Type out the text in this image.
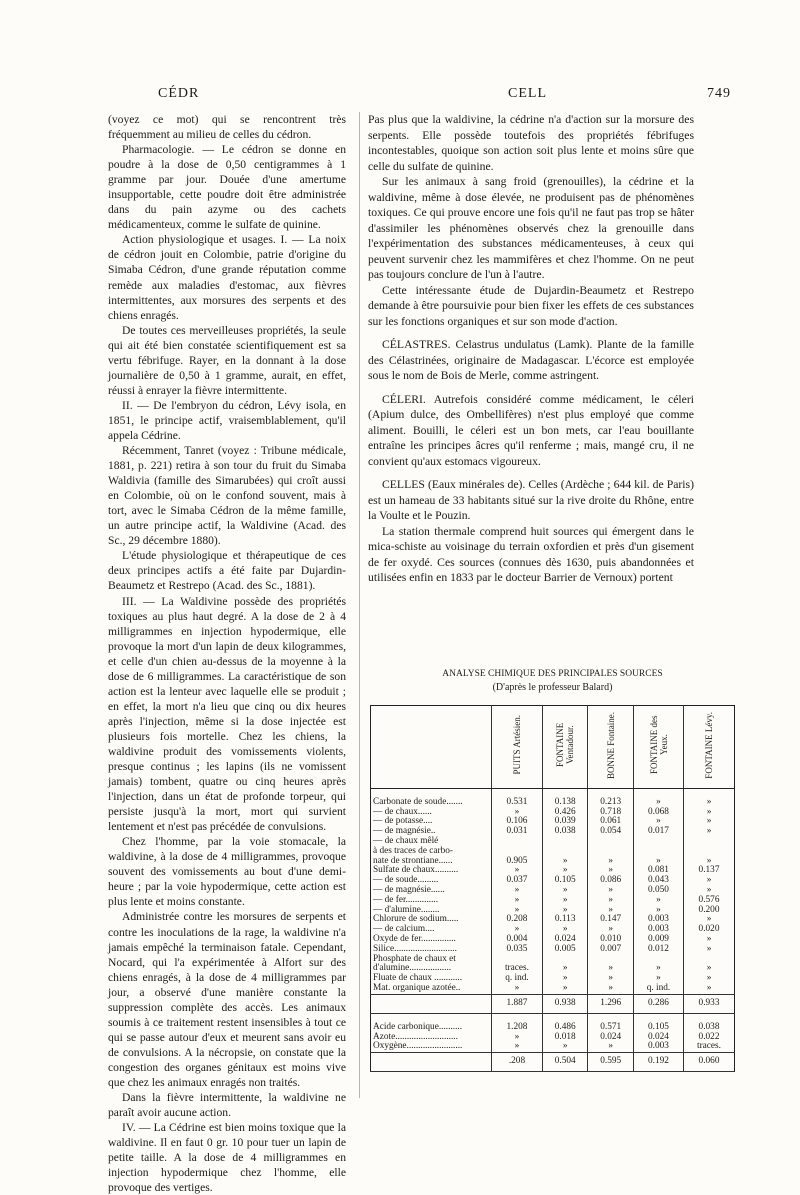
CÉDR	CELL	749

(voyez ce mot) qui se rencontrent très fréquemment au milieu de celles du cédron.

Pharmacologie. — Le cédron se donne en poudre à la dose de 0,50 centigrammes à 1 gramme par jour. Douée d'une amertume insupportable, cette poudre doit être administrée dans du pain azyme ou des cachets médicamenteux, comme le sulfate de quinine.

Action physiologique et usages. I. — La noix de cédron jouit en Colombie, patrie d'origine du Simaba Cédron, d'une grande réputation comme remède aux maladies d'estomac, aux fièvres intermittentes, aux morsures des serpents et des chiens enragés.

De toutes ces merveilleuses propriétés, la seule qui ait été bien constatée scientifiquement est sa vertu fébrifuge. Rayer, en la donnant à la dose journalière de 0,50 à 1 gramme, aurait, en effet, réussi à enrayer la fièvre intermittente.

II. — De l'embryon du cédron, Lévy isola, en 1851, le principe actif, vraisemblablement, qu'il appela Cédrine.

Récemment, Tanret (voyez : Tribune médicale, 1881, p. 221) retira à son tour du fruit du Simaba Waldivia (famille des Simarubées) qui croît aussi en Colombie, où on le confond souvent, mais à tort, avec le Simaba Cédron de la même famille, un autre principe actif, la Waldivine (Acad. des Sc., 29 décembre 1880).

L'étude physiologique et thérapeutique de ces deux principes actifs a été faite par Dujardin-Beaumetz et Restrepo (Acad. des Sc., 1881).

III. — La Waldivine possède des propriétés toxiques au plus haut degré. A la dose de 2 à 4 milligrammes en injection hypodermique, elle provoque la mort d'un lapin de deux kilogrammes, et celle d'un chien au-dessus de la moyenne à la dose de 6 milligrammes. La caractéristique de son action est la lenteur avec laquelle elle se produit ; en effet, la mort n'a lieu que cinq ou dix heures après l'injection, même si la dose injectée est plusieurs fois mortelle. Chez les chiens, la waldivine produit des vomissements violents, presque continus ; les lapins (ils ne vomissent jamais) tombent, quatre ou cinq heures après l'injection, dans un état de profonde torpeur, qui persiste jusqu'à la mort, mort qui survient lentement et n'est pas précédée de convulsions.

Chez l'homme, par la voie stomacale, la waldivine, à la dose de 4 milligrammes, provoque souvent des vomissements au bout d'une demi-heure ; par la voie hypodermique, cette action est plus lente et moins constante.

Administrée contre les morsures de serpents et contre les inoculations de la rage, la waldivine n'a jamais empêché la terminaison fatale. Cependant, Nocard, qui l'a expérimentée à Alfort sur des chiens enragés, à la dose de 4 milligrammes par jour, a observé d'une manière constante la suppression complète des accès. Les animaux soumis à ce traitement restent insensibles à tout ce qui se passe autour d'eux et meurent sans avoir eu de convulsions. A la nécropsie, on constate que la congestion des organes génitaux est moins vive que chez les animaux enragés non traités.

Dans la fièvre intermittente, la waldivine ne paraît avoir aucune action.

IV. — La Cédrine est bien moins toxique que la waldivine. Il en faut 0 gr. 10 pour tuer un lapin de petite taille. A la dose de 4 milligrammes en injection hypodermique chez l'homme, elle provoque des vertiges.

Pas plus que la waldivine, la cédrine n'a d'action sur la morsure des serpents. Elle possède toutefois des propriétés fébrifuges incontestables, quoique son action soit plus lente et moins sûre que celle du sulfate de quinine.

Sur les animaux à sang froid (grenouilles), la cédrine et la waldivine, même à dose élevée, ne produisent pas de phénomènes toxiques. Ce qui prouve encore une fois qu'il ne faut pas trop se hâter d'assimiler les phénomènes observés chez la grenouille dans l'expérimentation des substances médicamenteuses, à ceux qui peuvent survenir chez les mammifères et chez l'homme. On ne peut pas toujours conclure de l'un à l'autre.

Cette intéressante étude de Dujardin-Beaumetz et Restrepo demande à être poursuivie pour bien fixer les effets de ces substances sur les fonctions organiques et sur son mode d'action.

CÉLASTRES. Celastrus undulatus (Lamk). Plante de la famille des Célastrinées, originaire de Madagascar. L'écorce est employée sous le nom de Bois de Merle, comme astringent.

CÉLERI. Autrefois considéré comme médicament, le céleri (Apium dulce, des Ombellifères) n'est plus employé que comme aliment. Bouilli, le céleri est un bon mets, car l'eau bouillante entraîne les principes âcres qu'il renferme ; mais, mangé cru, il ne convient qu'aux estomacs vigoureux.

CELLES (Eaux minérales de). Celles (Ardèche ; 644 kil. de Paris) est un hameau de 33 habitants situé sur la rive droite du Rhône, entre la Voulte et le Pouzin.

La station thermale comprend huit sources qui émergent dans le mica-schiste au voisinage du terrain oxfordien et près d'un gisement de fer oxydé. Ces sources (connues dès 1630, puis abandonnées et utilisées enfin en 1833 par le docteur Barrier de Vernoux) portent

ANALYSE CHIMIQUE DES PRINCIPALES SOURCES
(D'après le professeur Balard)
	PUITS Artésien.	FONTAINE Ventadour.	BONNE Fontaine.	FONTAINE des Yeux.	FONTAINE Lévy.

Carbonate de soude.......	0.531	0.138	0.213	»	»
— de chaux......	»	0.426	0.718	0.068	»
— de potasse....	0.106	0.039	0.061	»	»
— de magnésie..	0.031	0.038	0.054	0.017	»
— de chaux mêlé					
à des traces de carbo-					
nate de strontiane......	0.905	»	»	»	»
Sulfate de chaux..........	»	»	»	0.081	0.137
— de soude.........	0.037	0.105	0.086	0.043	»
— de magnésie......	»	»	»	0.050	»
— de fer..............	»	»	»	»	0.576
— d'alumine........	»	»	»	»	0.200
Chlorure de sodium.....	0.208	0.113	0.147	0.003	»
— de calcium....	»	»	»	0.003	0.020
Oxyde de fer...............	0.004	0.024	0.010	0.009	»
Silice...........................	0.035	0.005	0.007	0.012	»
Phosphate de chaux et					
d'alumine..................	traces.	»	»	»	»
Fluate de chaux ............	q. ind.	»	»	»	»
Mat. organique azotée..	»	»	»	q. ind.	»
	1.887	0.938	1.296	0.286	0.933

Acide carbonique..........	1.208	0.486	0.571	0.105	0.038
Azote...........................	»	0.018	0.024	0.024	0.022
Oxygène........................	»	»	»	0.003	traces.
	.208	0.504	0.595	0.192	0.060
